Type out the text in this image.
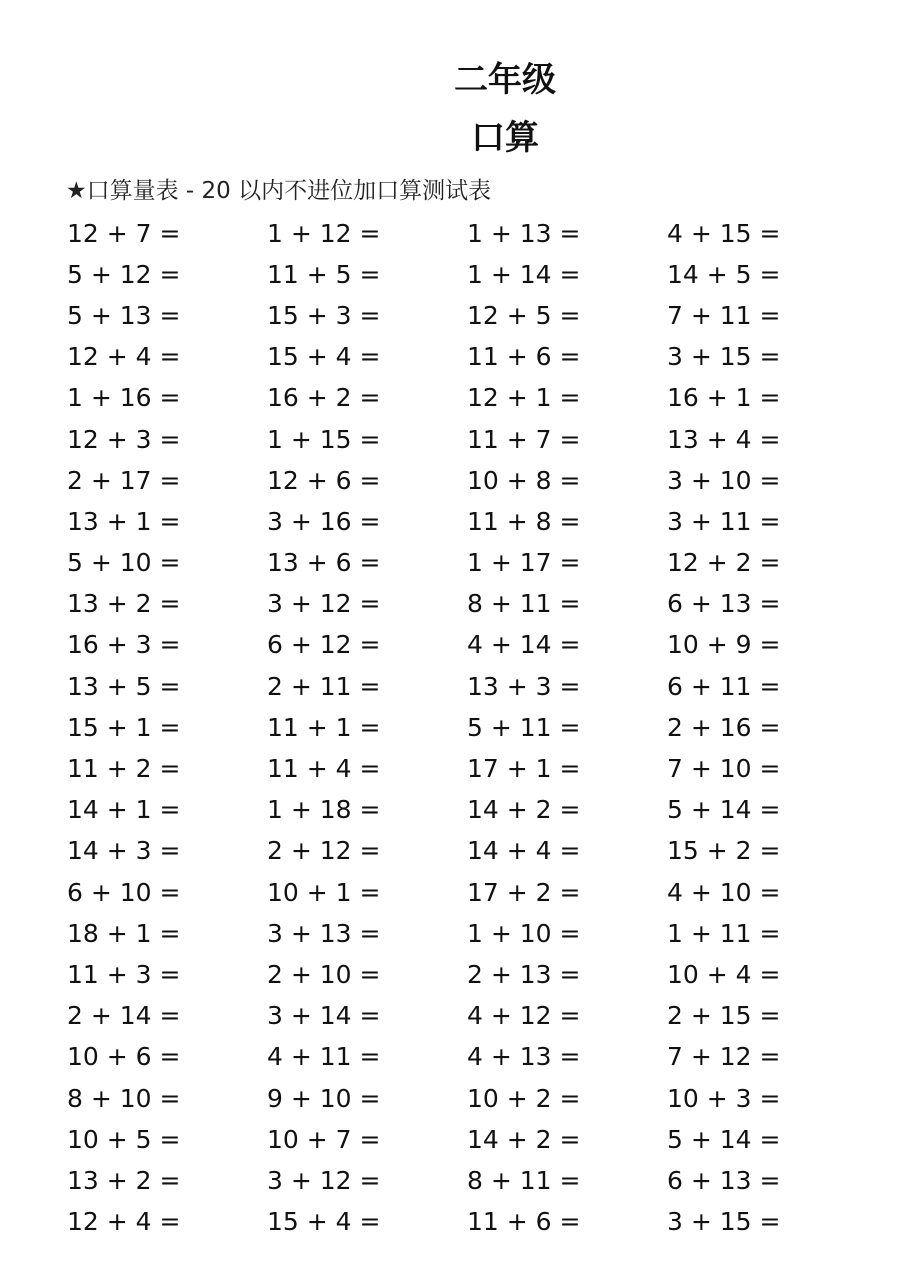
二年级
口算
★口算量表 - 20 以内不进位加口算测试表
12 + 7 =	1 + 12 =	1 + 13 =	4 + 15 =
5 + 12 =	11 + 5 =	1 + 14 =	14 + 5 =
5 + 13 =	15 + 3 =	12 + 5 =	7 + 11 =
12 + 4 =	15 + 4 =	11 + 6 =	3 + 15 =
1 + 16 =	16 + 2 =	12 + 1 =	16 + 1 =
12 + 3 =	1 + 15 =	11 + 7 =	13 + 4 =
2 + 17 =	12 + 6 =	10 + 8 =	3 + 10 =
13 + 1 =	3 + 16 =	11 + 8 =	3 + 11 =
5 + 10 =	13 + 6 =	1 + 17 =	12 + 2 =
13 + 2 =	3 + 12 =	8 + 11 =	6 + 13 =
16 + 3 =	6 + 12 =	4 + 14 =	10 + 9 =
13 + 5 =	2 + 11 =	13 + 3 =	6 + 11 =
15 + 1 =	11 + 1 =	5 + 11 =	2 + 16 =
11 + 2 =	11 + 4 =	17 + 1 =	7 + 10 =
14 + 1 =	1 + 18 =	14 + 2 =	5 + 14 =
14 + 3 =	2 + 12 =	14 + 4 =	15 + 2 =
6 + 10 =	10 + 1 =	17 + 2 =	4 + 10 =
18 + 1 =	3 + 13 =	1 + 10 =	1 + 11 =
11 + 3 =	2 + 10 =	2 + 13 =	10 + 4 =
2 + 14 =	3 + 14 =	4 + 12 =	2 + 15 =
10 + 6 =	4 + 11 =	4 + 13 =	7 + 12 =
8 + 10 =	9 + 10 =	10 + 2 =	10 + 3 =
10 + 5 =	10 + 7 =	14 + 2 =	5 + 14 =
13 + 2 =	3 + 12 =	8 + 11 =	6 + 13 =
12 + 4 =	15 + 4 =	11 + 6 =	3 + 15 =
